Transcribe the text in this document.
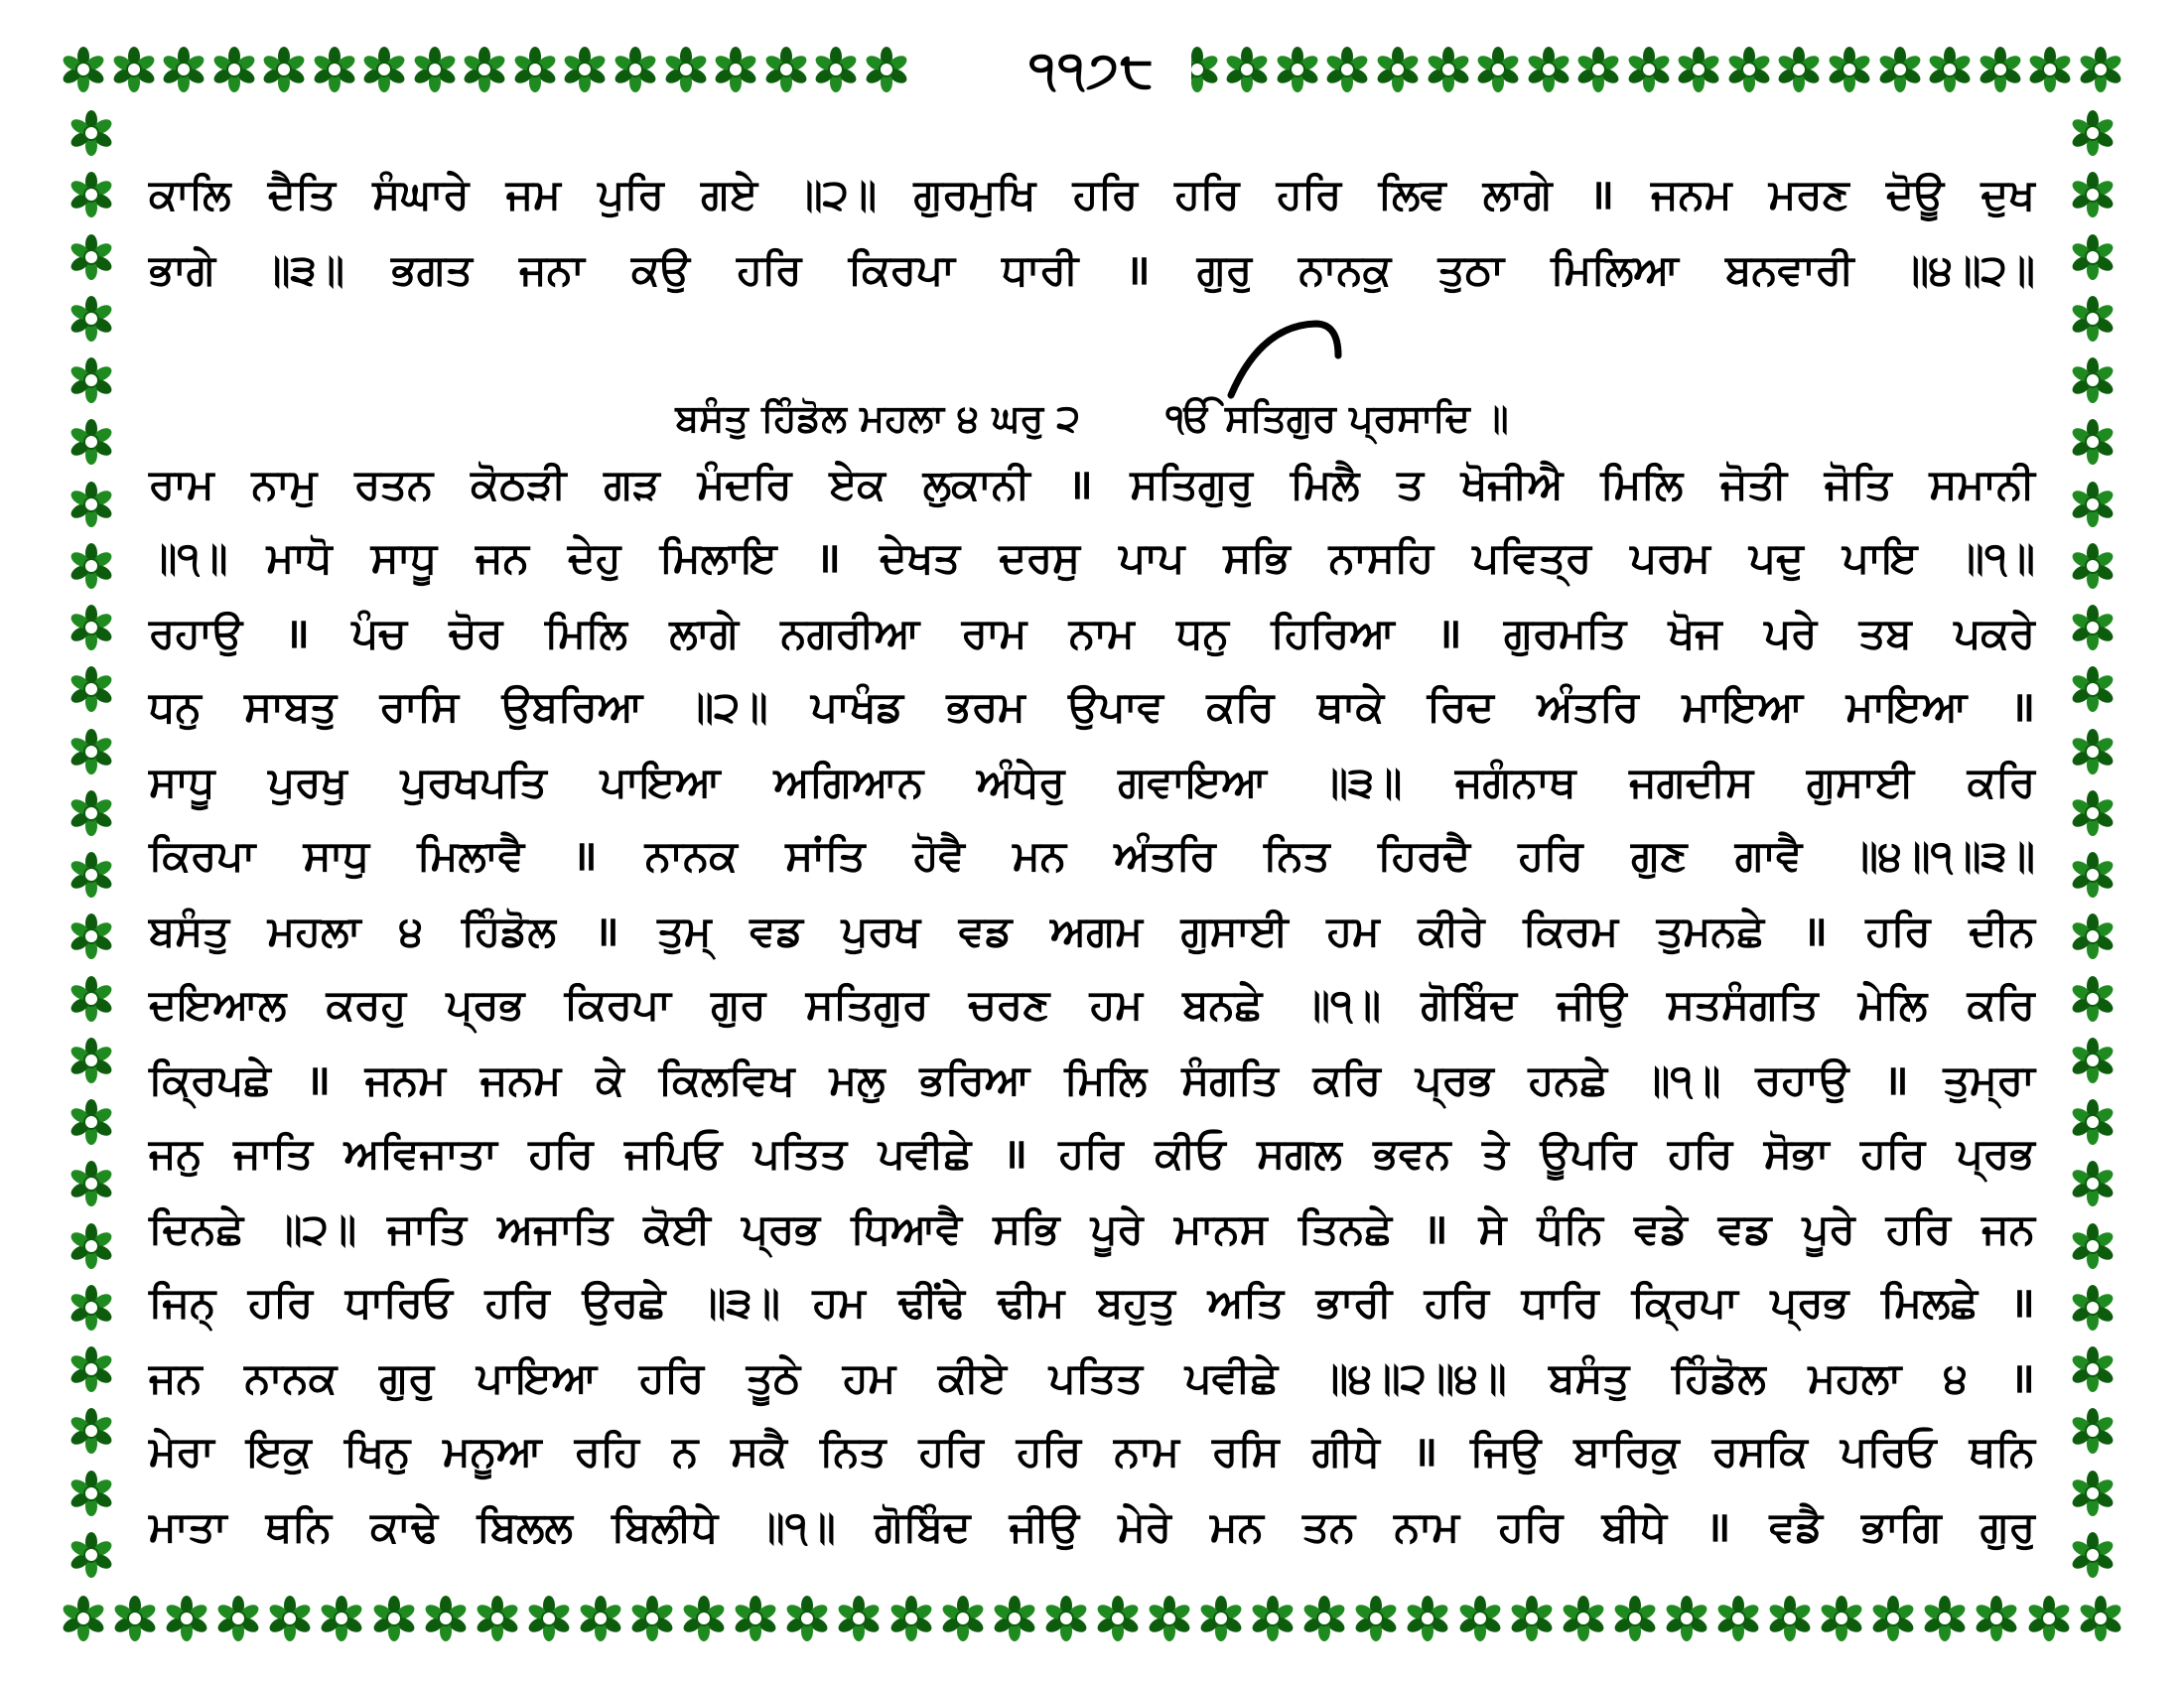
੧੧੭੮
ਕਾਲਿ ਦੈਤਿ ਸੰਘਾਰੇ ਜਮ ਪੁਰਿ ਗਏ ॥੨॥ ਗੁਰਮੁਖਿ ਹਰਿ ਹਰਿ ਹਰਿ ਲਿਵ ਲਾਗੇ ॥ ਜਨਮ ਮਰਣ ਦੋਊ ਦੁਖ
ਭਾਗੇ ॥੩॥ ਭਗਤ ਜਨਾ ਕਉ ਹਰਿ ਕਿਰਪਾ ਧਾਰੀ ॥ ਗੁਰੁ ਨਾਨਕੁ ਤੁਠਾ ਮਿਲਿਆ ਬਨਵਾਰੀ ॥੪॥੨॥
ਰਾਮ ਨਾਮੁ ਰਤਨ ਕੋਠੜੀ ਗੜ ਮੰਦਰਿ ਏਕ ਲੁਕਾਨੀ ॥ ਸਤਿਗੁਰੁ ਮਿਲੈ ਤ ਖੋਜੀਐ ਮਿਲਿ ਜੋਤੀ ਜੋਤਿ ਸਮਾਨੀ
॥੧॥ ਮਾਧੋ ਸਾਧੂ ਜਨ ਦੇਹੁ ਮਿਲਾਇ ॥ ਦੇਖਤ ਦਰਸੁ ਪਾਪ ਸਭਿ ਨਾਸਹਿ ਪਵਿਤ੍ਰ ਪਰਮ ਪਦੁ ਪਾਇ ॥੧॥
ਰਹਾਉ ॥ ਪੰਚ ਚੋਰ ਮਿਲਿ ਲਾਗੇ ਨਗਰੀਆ ਰਾਮ ਨਾਮ ਧਨੁ ਹਿਰਿਆ ॥ ਗੁਰਮਤਿ ਖੋਜ ਪਰੇ ਤਬ ਪਕਰੇ
ਧਨੁ ਸਾਬਤੁ ਰਾਸਿ ਉਬਰਿਆ ॥੨॥ ਪਾਖੰਡ ਭਰਮ ਉਪਾਵ ਕਰਿ ਥਾਕੇ ਰਿਦ ਅੰਤਰਿ ਮਾਇਆ ਮਾਇਆ ॥
ਸਾਧੂ ਪੁਰਖੁ ਪੁਰਖਪਤਿ ਪਾਇਆ ਅਗਿਆਨ ਅੰਧੇਰੁ ਗਵਾਇਆ ॥੩॥ ਜਗੰਨਾਥ ਜਗਦੀਸ ਗੁਸਾਈ ਕਰਿ
ਕਿਰਪਾ ਸਾਧੁ ਮਿਲਾਵੈ ॥ ਨਾਨਕ ਸਾਂਤਿ ਹੋਵੈ ਮਨ ਅੰਤਰਿ ਨਿਤ ਹਿਰਦੈ ਹਰਿ ਗੁਣ ਗਾਵੈ ॥੪॥੧॥੩॥
ਬਸੰਤੁ ਮਹਲਾ ੪ ਹਿੰਡੋਲ ॥ ਤੁਮ੍ ਵਡ ਪੁਰਖ ਵਡ ਅਗਮ ਗੁਸਾਈ ਹਮ ਕੀਰੇ ਕਿਰਮ ਤੁਮਨਛੇ ॥ ਹਰਿ ਦੀਨ
ਦਇਆਲ ਕਰਹੁ ਪ੍ਰਭ ਕਿਰਪਾ ਗੁਰ ਸਤਿਗੁਰ ਚਰਣ ਹਮ ਬਨਛੇ ॥੧॥ ਗੋਬਿੰਦ ਜੀਉ ਸਤਸੰਗਤਿ ਮੇਲਿ ਕਰਿ
ਕ੍ਰਿਪਛੇ ॥ ਜਨਮ ਜਨਮ ਕੇ ਕਿਲਵਿਖ ਮਲੁ ਭਰਿਆ ਮਿਲਿ ਸੰਗਤਿ ਕਰਿ ਪ੍ਰਭ ਹਨਛੇ ॥੧॥ ਰਹਾਉ ॥ ਤੁਮ੍ਰਾ
ਜਨੁ ਜਾਤਿ ਅਵਿਜਾਤਾ ਹਰਿ ਜਪਿਓ ਪਤਿਤ ਪਵੀਛੇ ॥ ਹਰਿ ਕੀਓ ਸਗਲ ਭਵਨ ਤੇ ਊਪਰਿ ਹਰਿ ਸੋਭਾ ਹਰਿ ਪ੍ਰਭ
ਦਿਨਛੇ ॥੨॥ ਜਾਤਿ ਅਜਾਤਿ ਕੋਈ ਪ੍ਰਭ ਧਿਆਵੈ ਸਭਿ ਪੂਰੇ ਮਾਨਸ ਤਿਨਛੇ ॥ ਸੇ ਧੰਨਿ ਵਡੇ ਵਡ ਪੂਰੇ ਹਰਿ ਜਨ
ਜਿਨ੍ ਹਰਿ ਧਾਰਿਓ ਹਰਿ ਉਰਛੇ ॥੩॥ ਹਮ ਢੀਂਢੇ ਢੀਮ ਬਹੁਤੁ ਅਤਿ ਭਾਰੀ ਹਰਿ ਧਾਰਿ ਕ੍ਰਿਪਾ ਪ੍ਰਭ ਮਿਲਛੇ ॥
ਜਨ ਨਾਨਕ ਗੁਰੁ ਪਾਇਆ ਹਰਿ ਤੂਠੇ ਹਮ ਕੀਏ ਪਤਿਤ ਪਵੀਛੇ ॥੪॥੨॥੪॥ ਬਸੰਤੁ ਹਿੰਡੋਲ ਮਹਲਾ ੪ ॥
ਮੇਰਾ ਇਕੁ ਖਿਨੁ ਮਨੂਆ ਰਹਿ ਨ ਸਕੈ ਨਿਤ ਹਰਿ ਹਰਿ ਨਾਮ ਰਸਿ ਗੀਧੇ ॥ ਜਿਉ ਬਾਰਿਕੁ ਰਸਕਿ ਪਰਿਓ ਥਨਿ
ਮਾਤਾ ਥਨਿ ਕਾਢੇ ਬਿਲਲ ਬਿਲੀਧੇ ॥੧॥ ਗੋਬਿੰਦ ਜੀਉ ਮੇਰੇ ਮਨ ਤਨ ਨਾਮ ਹਰਿ ਬੀਧੇ ॥ ਵਡੈ ਭਾਗਿ ਗੁਰੁ
ਬਸੰਤੁ ਹਿੰਡੋਲ ਮਹਲਾ ੪ ਘਰੁ ੨ ੴ ਸਤਿਗੁਰ ਪ੍ਰਸਾਦਿ ॥
